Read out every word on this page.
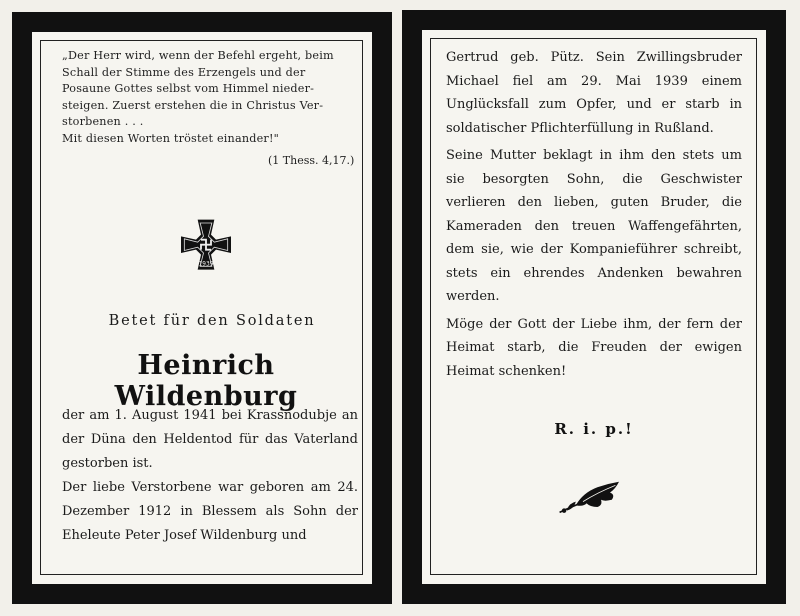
„Der Herr wird, wenn der Befehl ergeht, beim
Schall der Stimme des Erzengels und der
Posaune Gottes selbst vom Himmel nieder-
steigen. Zuerst erstehen die in Christus Ver-
storbenen . . .
Mit diesen Worten tröstet einander!"
(1 Thess. 4,17.)
1939
Betet für den Soldaten
Heinrich Wildenburg

der am 1. August 1941 bei Krassnodubje an der Düna den Heldentod für das Vaterland gestorben ist.

Der liebe Verstorbene war geboren am 24. Dezember 1912 in Blessem als Sohn der Eheleute Peter Josef Wildenburg und

Gertrud geb. Pütz. Sein Zwillingsbruder Michael fiel am 29. Mai 1939 einem Unglücksfall zum Opfer, und er starb in soldatischer Pflichterfüllung in Rußland.

Seine Mutter beklagt in ihm den stets um sie besorgten Sohn, die Geschwister verlieren den lieben, guten Bruder, die Kameraden den treuen Waffengefährten, dem sie, wie der Kompanieführer schreibt, stets ein ehrendes Andenken bewahren werden.

Möge der Gott der Liebe ihm, der fern der Heimat starb, die Freuden der ewigen Heimat schenken!

R. i. p.!
